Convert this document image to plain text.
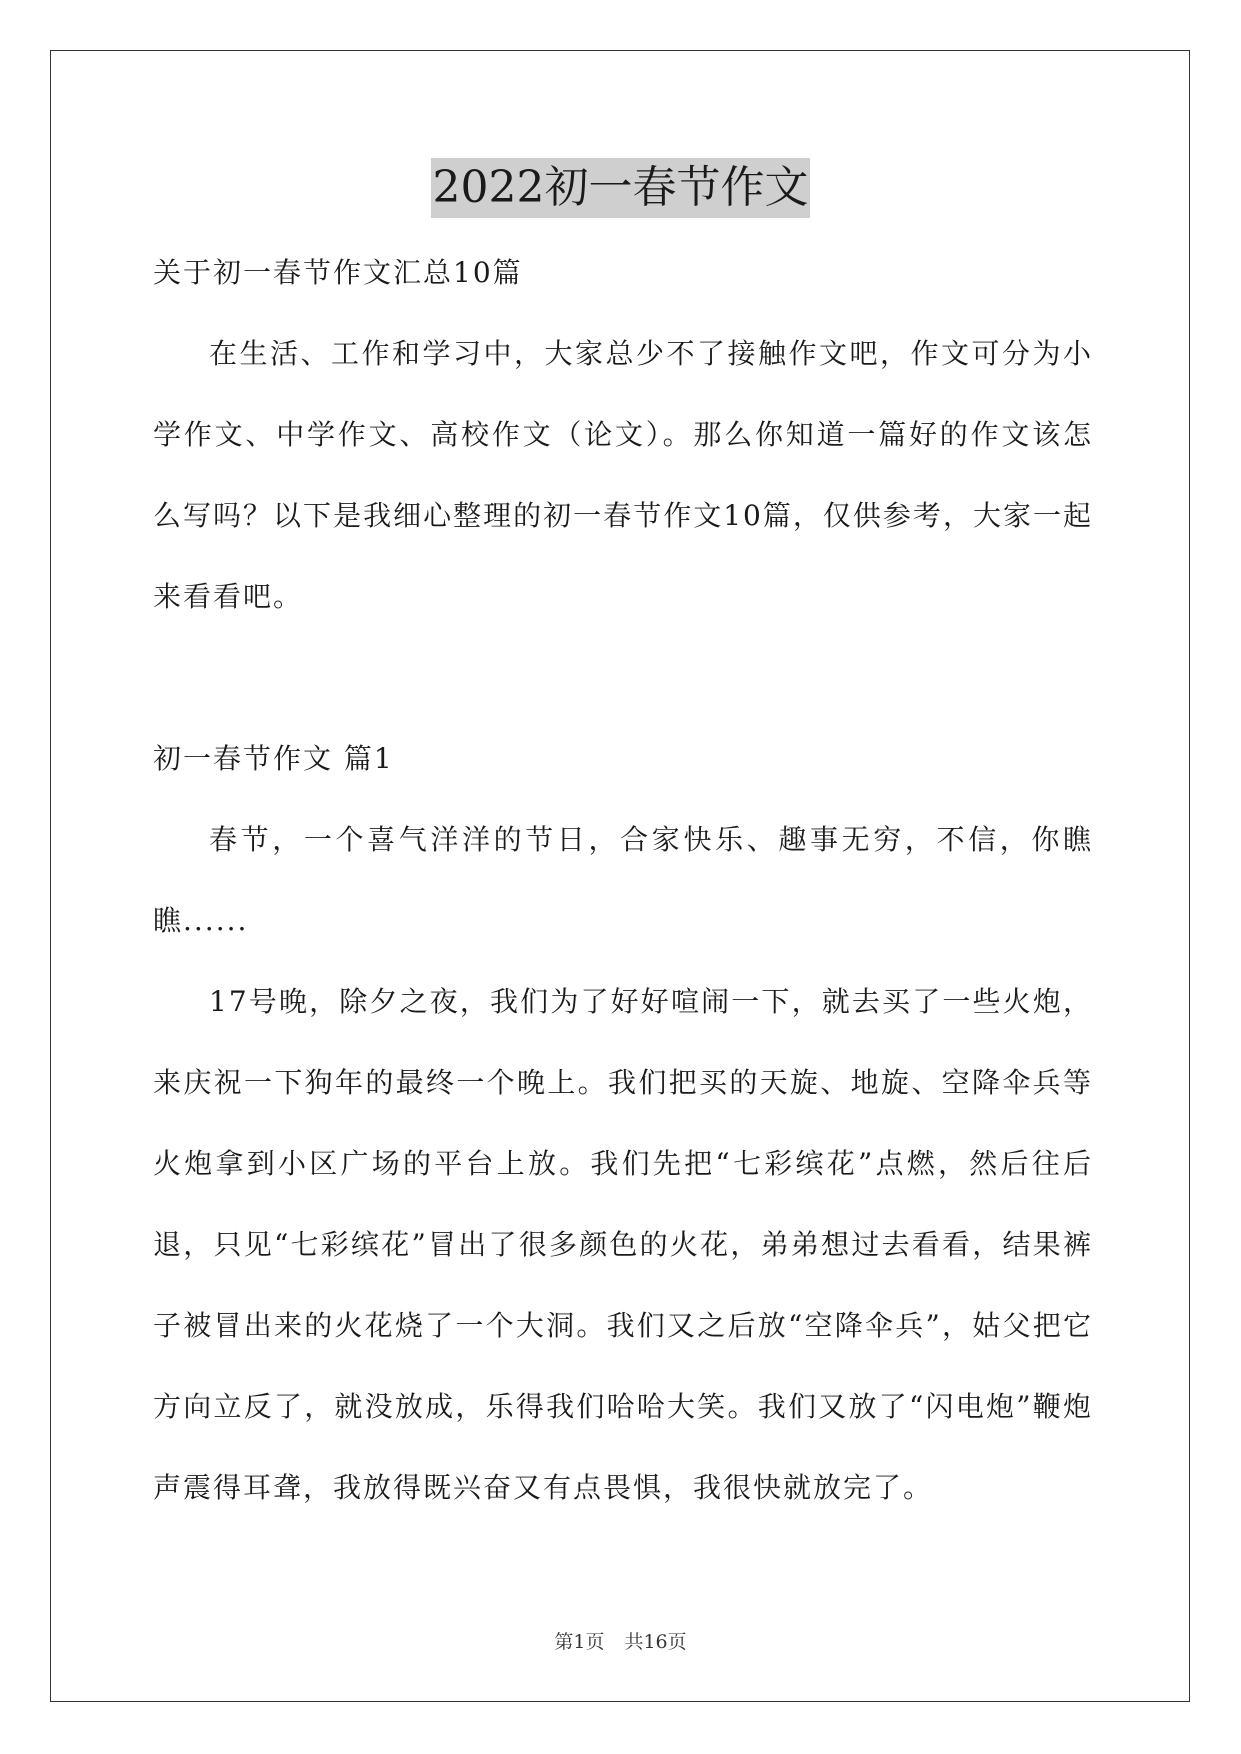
2022初一春节作文

关于初一春节作文汇总10篇

在生活、工作和学习中，大家总少不了接触作文吧，作文可分为小学作文、中学作文、高校作文（论文）。那么你知道一篇好的作文该怎么写吗？以下是我细心整理的初一春节作文10篇，仅供参考，大家一起来看看吧。

初一春节作文 篇1

春节，一个喜气洋洋的节日，合家快乐、趣事无穷，不信，你瞧瞧......

17号晚，除夕之夜，我们为了好好喧闹一下，就去买了一些火炮，来庆祝一下狗年的最终一个晚上。我们把买的天旋、地旋、空降伞兵等火炮拿到小区广场的平台上放。我们先把“七彩缤花”点燃，然后往后退，只见“七彩缤花”冒出了很多颜色的火花，弟弟想过去看看，结果裤子被冒出来的火花烧了一个大洞。我们又之后放“空降伞兵”，姑父把它方向立反了，就没放成，乐得我们哈哈大笑。我们又放了“闪电炮”鞭炮声震得耳聋，我放得既兴奋又有点畏惧，我很快就放完了。

第1页 共16页
